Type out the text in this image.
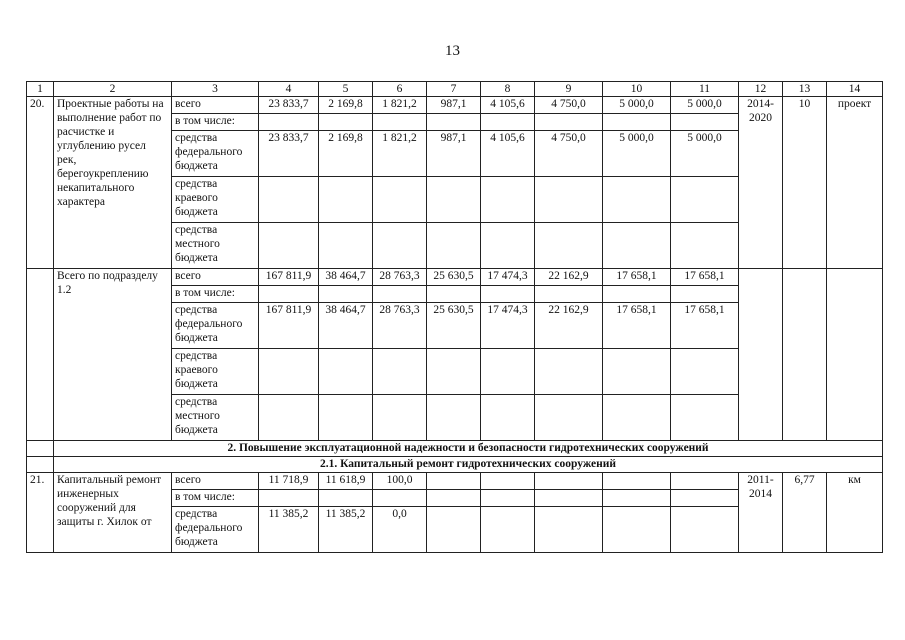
13
1	2	3	4	5	6	7	8	9	10	11	12	13	14
20.	Проектные работы на выполнение работ по расчистке и углублению русел рек, берегоукреплению некапитального характера	всего	23 833,7	2 169,8	1 821,2	987,1	4 105,6	4 750,0	5 000,0	5 000,0	2014-2020	10	проект
		в том числе:											
		средства федерального бюджета	23 833,7	2 169,8	1 821,2	987,1	4 105,6	4 750,0	5 000,0	5 000,0			
		средства краевого бюджета											
		средства местного бюджета											
	Всего по подразделу 1.2	всего	167 811,9	38 464,7	28 763,3	25 630,5	17 474,3	22 162,9	17 658,1	17 658,1			
		в том числе:											
		средства федерального бюджета	167 811,9	38 464,7	28 763,3	25 630,5	17 474,3	22 162,9	17 658,1	17 658,1			
		средства краевого бюджета											
		средства местного бюджета											
	2. Повышение эксплуатационной надежности и безопасности гидротехнических сооружений												
	2.1. Капитальный ремонт гидротехнических сооружений												
21.	Капитальный ремонт инженерных сооружений для защиты г. Хилок от	всего	11 718,9	11 618,9	100,0						2011-2014	6,77	км
		в том числе:											
		средства федерального бюджета	11 385,2	11 385,2	0,0								
